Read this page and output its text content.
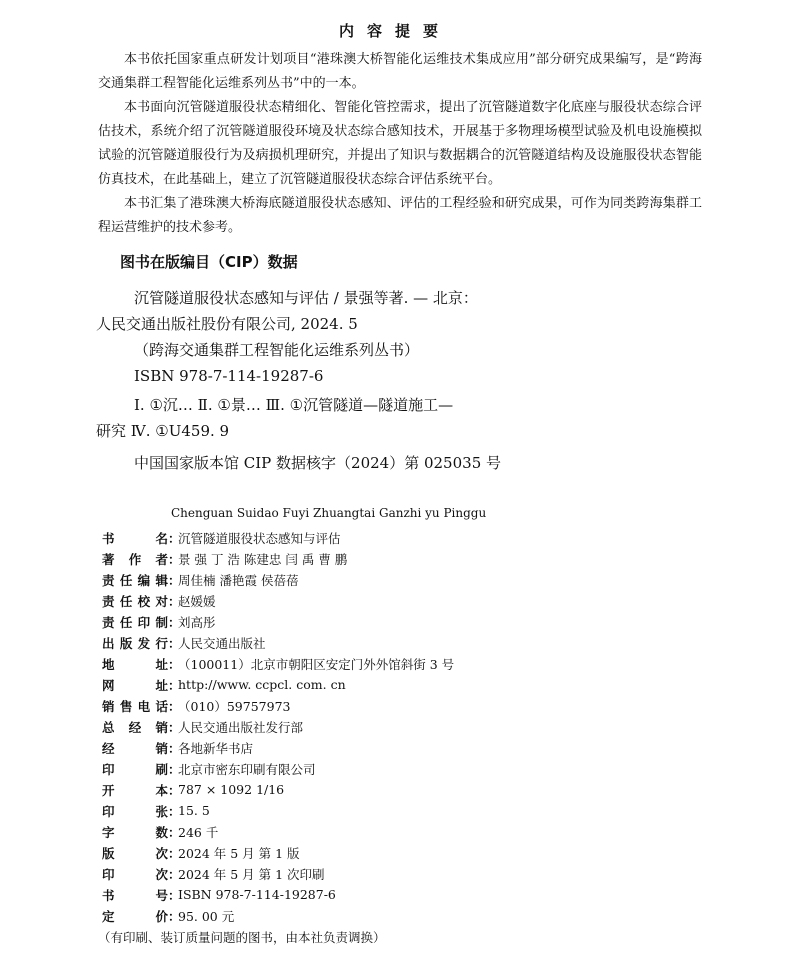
内容提要

本书依托国家重点研发计划项目“港珠澳大桥智能化运维技术集成应用”部分研究成果编写，是“跨海交通集群工程智能化运维系列丛书”中的一本。

本书面向沉管隧道服役状态精细化、智能化管控需求，提出了沉管隧道数字化底座与服役状态综合评估技术，系统介绍了沉管隧道服役环境及状态综合感知技术，开展基于多物理场模型试验及机电设施模拟试验的沉管隧道服役行为及病损机理研究，并提出了知识与数据耦合的沉管隧道结构及设施服役状态智能仿真技术，在此基础上，建立了沉管隧道服役状态综合评估系统平台。

本书汇集了港珠澳大桥海底隧道服役状态感知、评估的工程经验和研究成果，可作为同类跨海集群工程运营维护的技术参考。

图书在版编目（CIP）数据
沉管隧道服役状态感知与评估 / 景强等著. — 北京：
人民交通出版社股份有限公司, 2024. 5
（跨海交通集群工程智能化运维系列丛书）
ISBN 978-7-114-19287-6
Ⅰ. ①沉… Ⅱ. ①景… Ⅲ. ①沉管隧道—隧道施工—
研究 Ⅳ. ①U459. 9
中国国家版本馆 CIP 数据核字（2024）第 025035 号
Chenguan Suidao Fuyi Zhuangtai Ganzhi yu Pinggu
书	名 ：
沉管隧道服役状态感知与评估
著 作 者 ：
景 强 丁 浩 陈建忠 闫 禹 曹 鹏
责 任 编 辑 ：
周佳楠 潘艳霞 侯蓓蓓
责 任 校 对 ：
赵媛媛
责 任 印 制 ：
刘高彤
出 版 发 行 ：
人民交通出版社
地	址 ：
（100011）北京市朝阳区安定门外外馆斜街 3 号
网	址 ：
http://www. ccpcl. com. cn
销 售 电 话 ：
（010）59757973
总 经 销 ：
人民交通出版社发行部
经	销 ：
各地新华书店
印	刷 ：
北京市密东印刷有限公司
开	本 ：
787 × 1092 1/16
印	张 ：
15. 5
字	数 ：
246 千
版	次 ：
2024 年 5 月 第 1 版
印	次 ：
2024 年 5 月 第 1 次印刷
书	号 ：
ISBN 978-7-114-19287-6
定	价 ：
95. 00 元
（有印刷、装订质量问题的图书，由本社负责调换）
